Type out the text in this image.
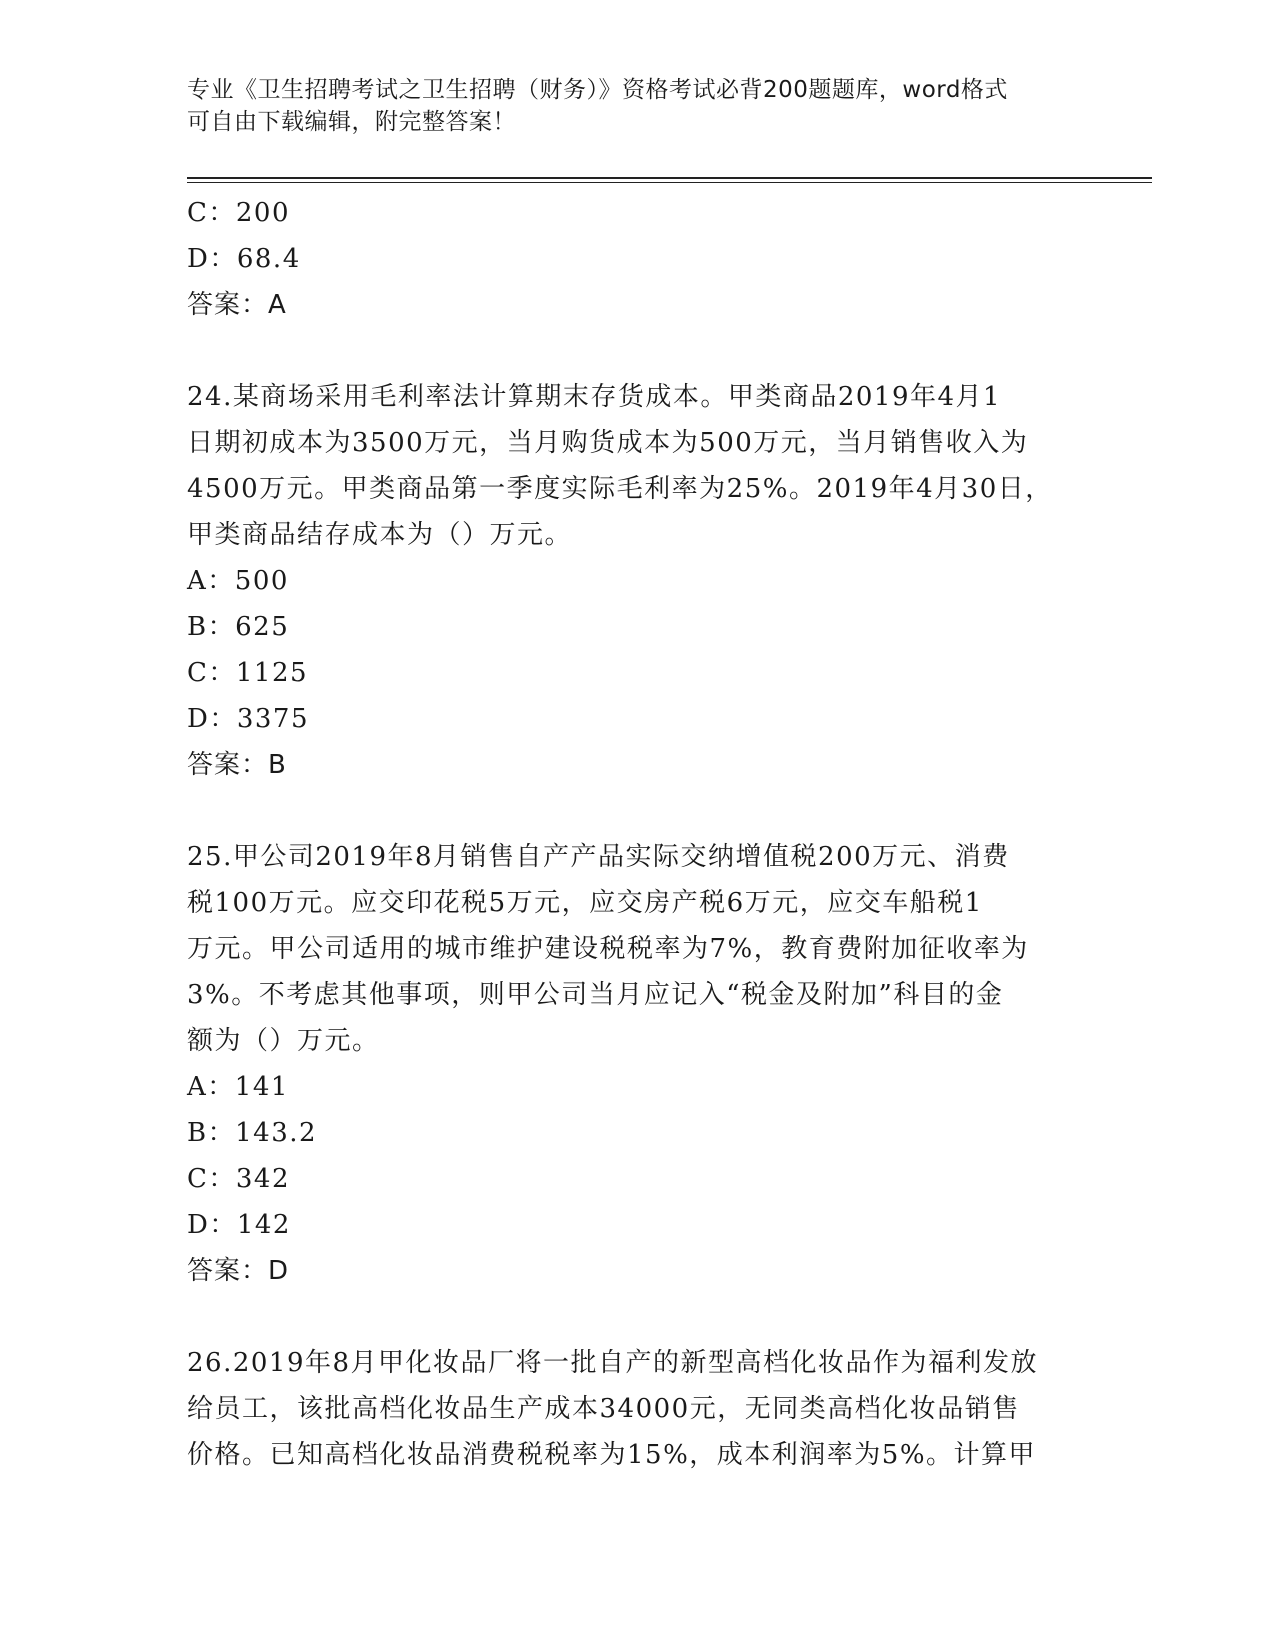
专业《卫生招聘考试之卫生招聘（财务）》资格考试必背200题题库，word格式
可自由下载编辑，附完整答案！
C：200
D：68.4
答案：A
24.某商场采用毛利率法计算期末存货成本。甲类商品2019年4月1
日期初成本为3500万元，当月购货成本为500万元，当月销售收入为
4500万元。甲类商品第一季度实际毛利率为25%。2019年4月30日，
甲类商品结存成本为（）万元。
A：500
B：625
C：1125
D：3375
答案：B
25.甲公司2019年8月销售自产产品实际交纳增值税200万元、消费
税100万元。应交印花税5万元，应交房产税6万元，应交车船税1
万元。甲公司适用的城市维护建设税税率为7%，教育费附加征收率为
3%。不考虑其他事项，则甲公司当月应记入“税金及附加”科目的金
额为（）万元。
A：141
B：143.2
C：342
D：142
答案：D
26.2019年8月甲化妆品厂将一批自产的新型高档化妆品作为福利发放
给员工，该批高档化妆品生产成本34000元，无同类高档化妆品销售
价格。已知高档化妆品消费税税率为15%，成本利润率为5%。计算甲
